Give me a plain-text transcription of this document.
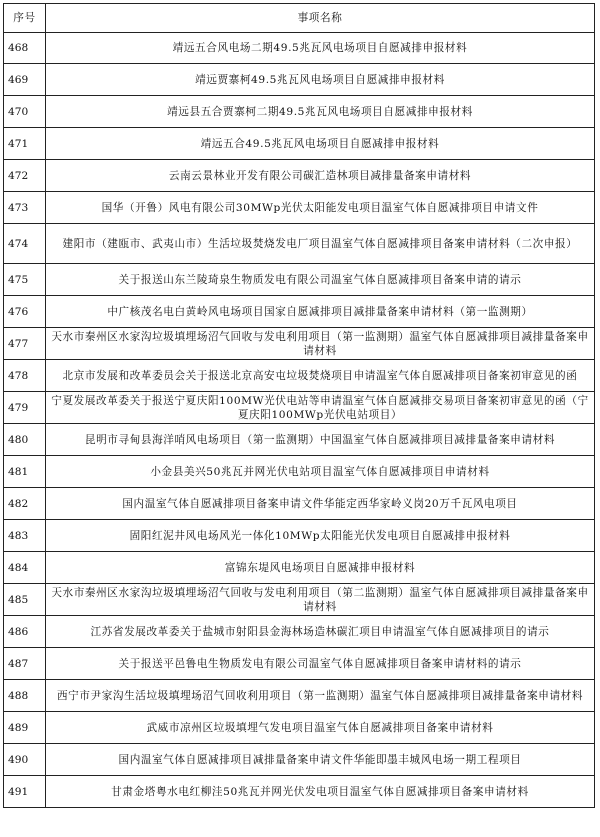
序号	事项名称
468	靖远五合风电场二期49.5兆瓦风电场项目自愿减排申报材料
469	靖远贾寨柯49.5兆瓦风电场项目自愿减排申报材料
470	靖远县五合贾寨柯二期49.5兆瓦风电场项目自愿减排申报材料
471	靖远五合49.5兆瓦风电场项目自愿减排申报材料
472	云南云景林业开发有限公司碳汇造林项目减排量备案申请材料
473	国华（开鲁）风电有限公司30MWp光伏太阳能发电项目温室气体自愿减排项目申请文件
474	建阳市（建瓯市、武夷山市）生活垃圾焚烧发电厂项目温室气体自愿减排项目备案申请材料（二次申报）
475	关于报送山东兰陵琦泉生物质发电有限公司温室气体自愿减排项目备案申请的请示
476	中广核茂名电白黄岭风电场项目国家自愿减排项目减排量备案申请材料（第一监测期）
477	天水市秦州区水家沟垃圾填埋场沼气回收与发电利用项目（第一监测期）温室气体自愿减排项目减排量备案申请材料
478	北京市发展和改革委员会关于报送北京高安屯垃圾焚烧项目申请温室气体自愿减排项目备案初审意见的函
479	宁夏发展改革委关于报送宁夏庆阳100MW光伏电站等申请温室气体自愿减排交易项目备案初审意见的函（宁夏庆阳100MWp光伏电站项目）
480	昆明市寻甸县海洋哨风电场项目（第一监测期）中国温室气体自愿减排项目减排量备案申请材料
481	小金县美兴50兆瓦并网光伏电站项目温室气体自愿减排项目申请材料
482	国内温室气体自愿减排项目备案申请文件华能定西华家岭义岗20万千瓦风电项目
483	固阳红泥井风电场风光一体化10MWp太阳能光伏发电项目自愿减排申报材料
484	富锦东堤风电场项目自愿减排申报材料
485	天水市秦州区水家沟垃圾填埋场沼气回收与发电利用项目（第二监测期）温室气体自愿减排项目减排量备案申请材料
486	江苏省发展改革委关于盐城市射阳县金海林场造林碳汇项目申请温室气体自愿减排项目的请示
487	关于报送平邑鲁电生物质发电有限公司温室气体自愿减排项目备案申请材料的请示
488	西宁市尹家沟生活垃圾填埋场沼气回收利用项目（第一监测期）温室气体自愿减排项目减排量备案申请材料
489	武威市凉州区垃圾填埋气发电项目温室气体自愿减排项目备案申请材料
490	国内温室气体自愿减排项目减排量备案申请文件华能即墨丰城风电场一期工程项目
491	甘肃金塔粤水电红柳洼50兆瓦并网光伏发电项目温室气体自愿减排项目备案申请材料
